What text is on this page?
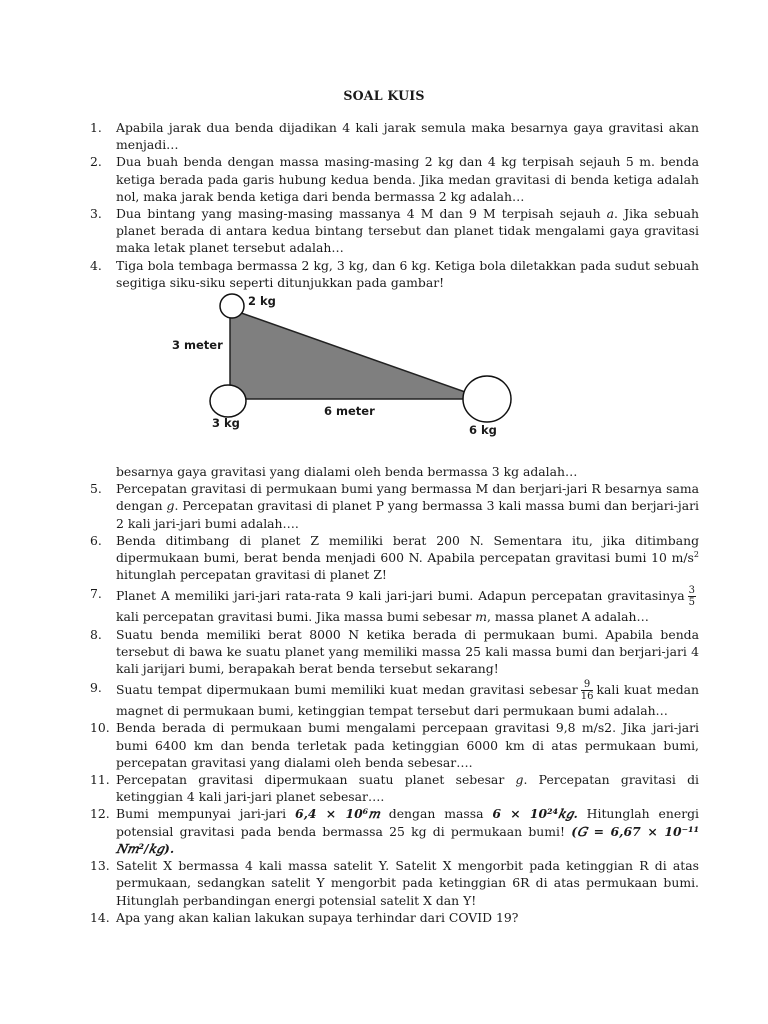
SOAL KUIS
1. Apabila jarak dua benda dijadikan 4 kali jarak semula maka besarnya gaya gravitasi akan menjadi…
2. Dua buah benda dengan massa masing-masing 2 kg dan 4 kg terpisah sejauh 5 m. benda ketiga berada pada garis hubung kedua benda. Jika medan gravitasi di benda ketiga adalah nol, maka jarak benda ketiga dari benda bermassa 2 kg adalah…
3. Dua bintang yang masing-masing massanya 4 M dan 9 M terpisah sejauh 𝑎. Jika sebuah planet berada di antara kedua bintang tersebut dan planet tidak mengalami gaya gravitasi maka letak planet tersebut adalah…
4. Tiga bola tembaga bermassa 2 kg, 3 kg, dan 6 kg. Ketiga bola diletakkan pada sudut sebuah segitiga siku-siku seperti ditunjukkan pada gambar!
2 kg
3 meter
6 meter
3 kg	6 kg
besarnya gaya gravitasi yang dialami oleh benda bermassa 3 kg adalah…
5. Percepatan gravitasi di permukaan bumi yang bermassa M dan berjari-jari R besarnya sama dengan 𝑔. Percepatan gravitasi di planet P yang bermassa 3 kali massa bumi dan berjari-jari 2 kali jari-jari bumi adalah….
6. Benda ditimbang di planet Z memiliki berat 200 N. Sementara itu, jika ditimbang dipermukaan bumi, berat benda menjadi 600 N. Apabila percepatan gravitasi bumi 10 $m/s^2$ hitunglah percepatan gravitasi di planet Z!
7. Planet A memiliki jari-jari rata-rata 9 kali jari-jari bumi. Adapun percepatan gravitasinya $\frac{3}{5}$
kali percepatan gravitasi bumi. Jika massa bumi sebesar 𝑚, massa planet A adalah…
8. Suatu benda memiliki berat 8000 N ketika berada di permukaan bumi. Apabila benda tersebut di bawa ke suatu planet yang memiliki massa 25 kali massa bumi dan berjari-jari 4 kali jarijari bumi, berapakah berat benda tersebut sekarang!
9. Suatu tempat dipermukaan bumi memiliki kuat medan gravitasi sebesar $\frac{9}{16}$ kali kuat medan magnet di permukaan bumi, ketinggian tempat tersebut dari permukaan bumi adalah…
10. Benda berada di permukaan bumi mengalami percepaan gravitasi 9,8 m/s2. Jika jari-jari bumi 6400 km dan benda terletak pada ketinggian 6000 km di atas permukaan bumi, percepatan gravitasi yang dialami oleh benda sebesar….
11. Percepatan gravitasi dipermukaan suatu planet sebesar 𝑔. Percepatan gravitasi di ketinggian 4 kali jari-jari planet sebesar….
12. Bumi mempunyai jari-jari 6,4 × 10⁶𝑚 dengan massa 6 × 10²⁴𝑘𝑔. Hitunglah energi potensial gravitasi pada benda bermassa 25 kg di permukaan bumi! (𝐺 = 6,67 × 10⁻¹¹ 𝑁𝑚²/𝑘𝑔).
13. Satelit X bermassa 4 kali massa satelit Y. Satelit X mengorbit pada ketinggian R di atas permukaan, sedangkan satelit Y mengorbit pada ketinggian 6R di atas permukaan bumi. Hitunglah perbandingan energi potensial satelit X dan Y!
14. Apa yang akan kalian lakukan supaya terhindar dari COVID 19?
